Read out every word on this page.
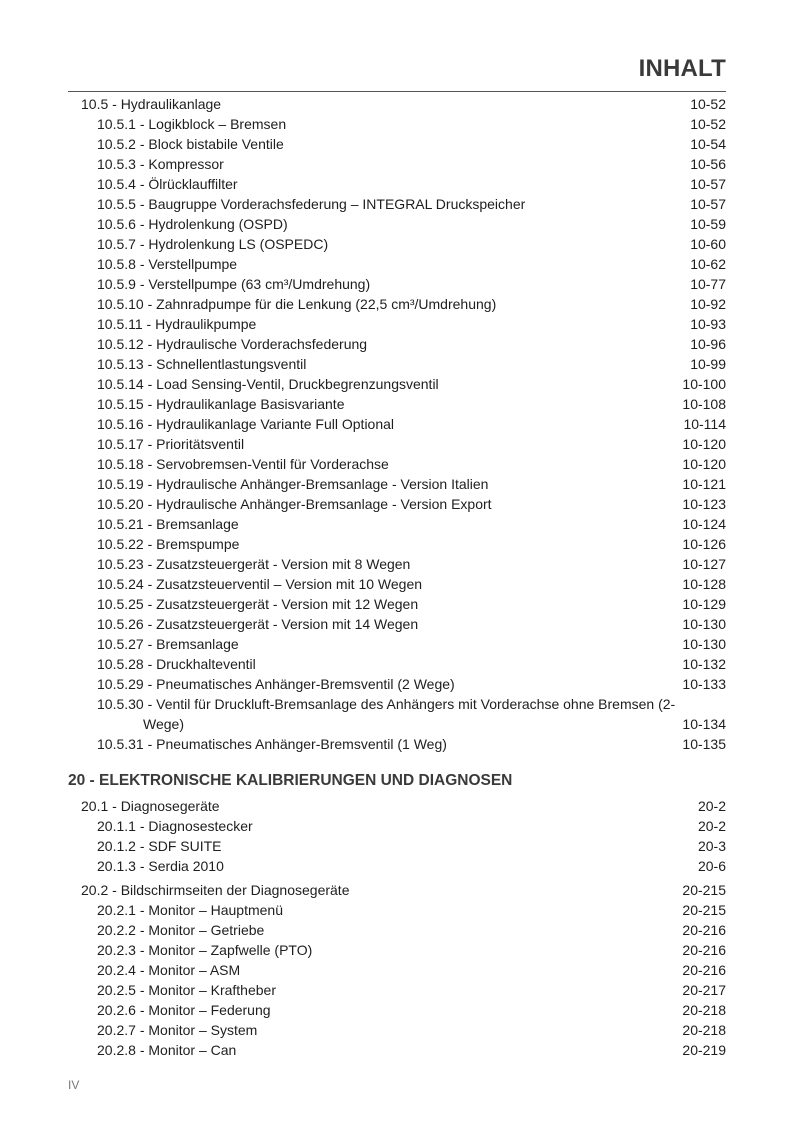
INHALT
10.5 - Hydraulikanlage	10-52
10.5.1 - Logikblock – Bremsen	10-52
10.5.2 - Block bistabile Ventile	10-54
10.5.3 - Kompressor	10-56
10.5.4 - Ölrücklauffilter	10-57
10.5.5 - Baugruppe Vorderachsfederung – INTEGRAL Druckspeicher	10-57
10.5.6 - Hydrolenkung (OSPD)	10-59
10.5.7 - Hydrolenkung LS (OSPEDC)	10-60
10.5.8 - Verstellpumpe	10-62
10.5.9 - Verstellpumpe (63 cm³/Umdrehung)	10-77
10.5.10 - Zahnradpumpe für die Lenkung (22,5 cm³/Umdrehung)	10-92
10.5.11 - Hydraulikpumpe	10-93
10.5.12 - Hydraulische Vorderachsfederung	10-96
10.5.13 - Schnellentlastungsventil	10-99
10.5.14 - Load Sensing-Ventil, Druckbegrenzungsventil	10-100
10.5.15 - Hydraulikanlage Basisvariante	10-108
10.5.16 - Hydraulikanlage Variante Full Optional	10-114
10.5.17 - Prioritätsventil	10-120
10.5.18 - Servobremsen-Ventil für Vorderachse	10-120
10.5.19 - Hydraulische Anhänger-Bremsanlage - Version Italien	10-121
10.5.20 - Hydraulische Anhänger-Bremsanlage - Version Export	10-123
10.5.21 - Bremsanlage	10-124
10.5.22 - Bremspumpe	10-126
10.5.23 - Zusatzsteuergerät - Version mit 8 Wegen	10-127
10.5.24 - Zusatzsteuerventil – Version mit 10 Wegen	10-128
10.5.25 - Zusatzsteuergerät - Version mit 12 Wegen	10-129
10.5.26 - Zusatzsteuergerät - Version mit 14 Wegen	10-130
10.5.27 - Bremsanlage	10-130
10.5.28 - Druckhalteventil	10-132
10.5.29 - Pneumatisches Anhänger-Bremsventil (2 Wege)	10-133
10.5.30 - Ventil für Druckluft-Bremsanlage des Anhängers mit Vorderachse ohne Bremsen (2-
Wege)	10-134
10.5.31 - Pneumatisches Anhänger-Bremsventil (1 Weg)	10-135
20 - ELEKTRONISCHE KALIBRIERUNGEN UND DIAGNOSEN
20.1 - Diagnosegeräte	20-2
20.1.1 - Diagnosestecker	20-2
20.1.2 - SDF SUITE	20-3
20.1.3 - Serdia 2010	20-6
20.2 - Bildschirmseiten der Diagnosegeräte	20-215
20.2.1 - Monitor – Hauptmenü	20-215
20.2.2 - Monitor – Getriebe	20-216
20.2.3 - Monitor – Zapfwelle (PTO)	20-216
20.2.4 - Monitor – ASM	20-216
20.2.5 - Monitor – Kraftheber	20-217
20.2.6 - Monitor – Federung	20-218
20.2.7 - Monitor – System	20-218
20.2.8 - Monitor – Can	20-219
IV
